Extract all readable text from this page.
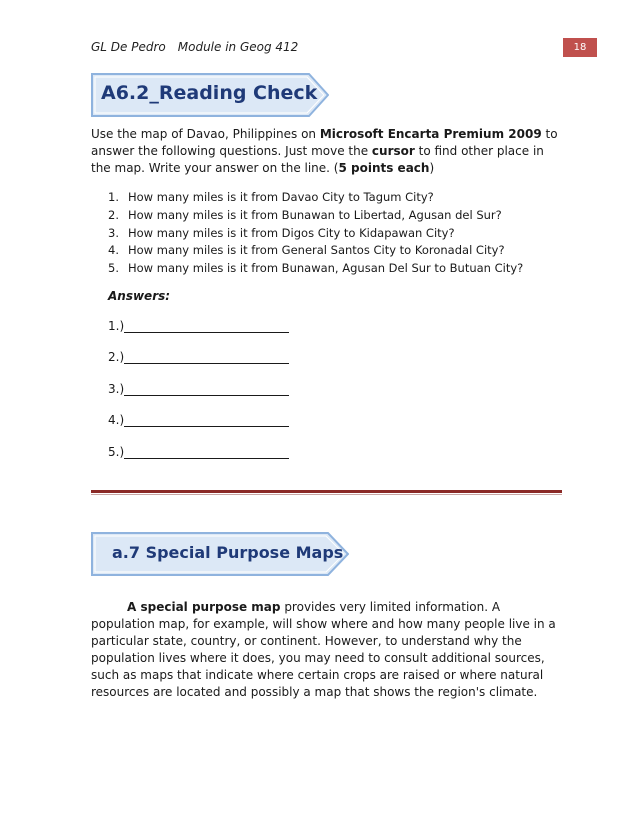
GL De Pedro Module in Geog 412	18
A6.2_Reading Check
Use the map of Davao, Philippines on Microsoft Encarta Premium 2009 to answer the following questions. Just move the cursor to find other place in the map. Write your answer on the line. (5 points each)
1. How many miles is it from Davao City to Tagum City?
2. How many miles is it from Bunawan to Libertad, Agusan del Sur?
3. How many miles is it from Digos City to Kidapawan City?
4. How many miles is it from General Santos City to Koronadal City?
5. How many miles is it from Bunawan, Agusan Del Sur to Butuan City?
Answers:
1.)
2.)
3.)
4.)
5.)
a.7 Special Purpose Maps
A special purpose map provides very limited information. A population map, for example, will show where and how many people live in a particular state, country, or continent. However, to understand why the population lives where it does, you may need to consult additional sources, such as maps that indicate where certain crops are raised or where natural resources are located and possibly a map that shows the region's climate.
